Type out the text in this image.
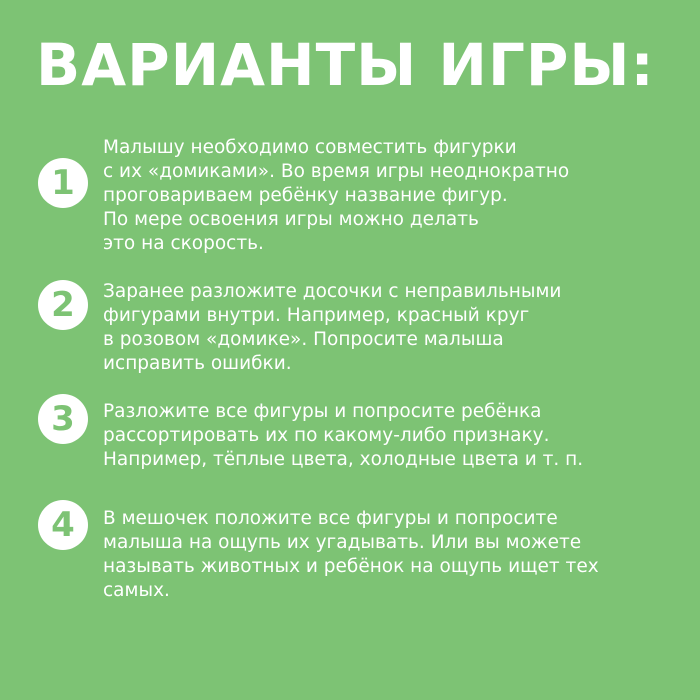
ВАРИАНТЫ ИГРЫ:
1

Малышу необходимо совместить фигурки
с их «домиками». Во время игры неоднократно
проговариваем ребёнку название фигур.
По мере освоения игры можно делать
это на скорость.

2	Заранее разложите досочки с неправильными
фигурами внутри. Например, красный круг
в розовом «домике». Попросите малыша
исправить ошибки.

3	Разложите все фигуры и попросите ребёнка
рассортировать их по какому-либо признаку.
Например, тёплые цвета, холодные цвета и т. п.

4	В мешочек положите все фигуры и попросите
малыша на ощупь их угадывать. Или вы можете
называть животных и ребёнок на ощупь ищет тех
самых.
